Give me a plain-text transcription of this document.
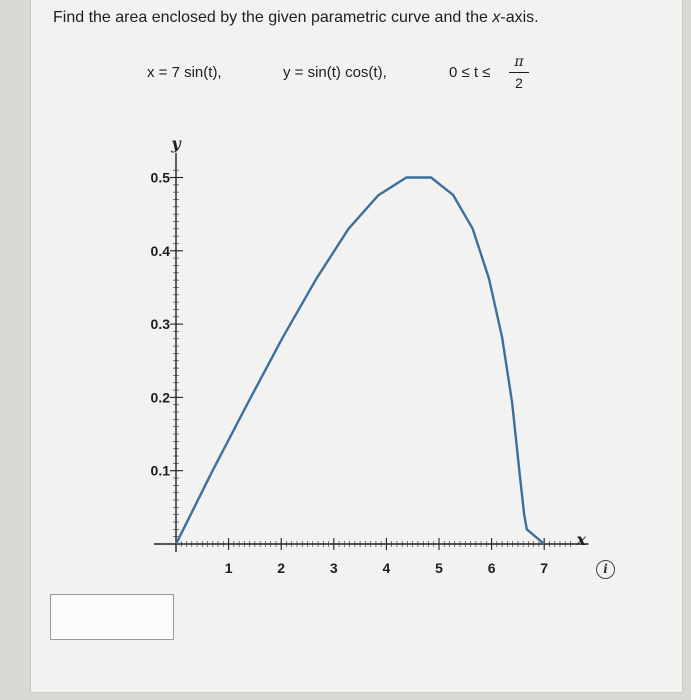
Find the area enclosed by the given parametric curve and the x-axis.
x = 7 sin(t),	y = sin(t) cos(t),	0 ≤ t ≤
π
2
1	2	3	4	5	6	7
0.1
0.2
0.3
0.4
0.5
y
x
i
